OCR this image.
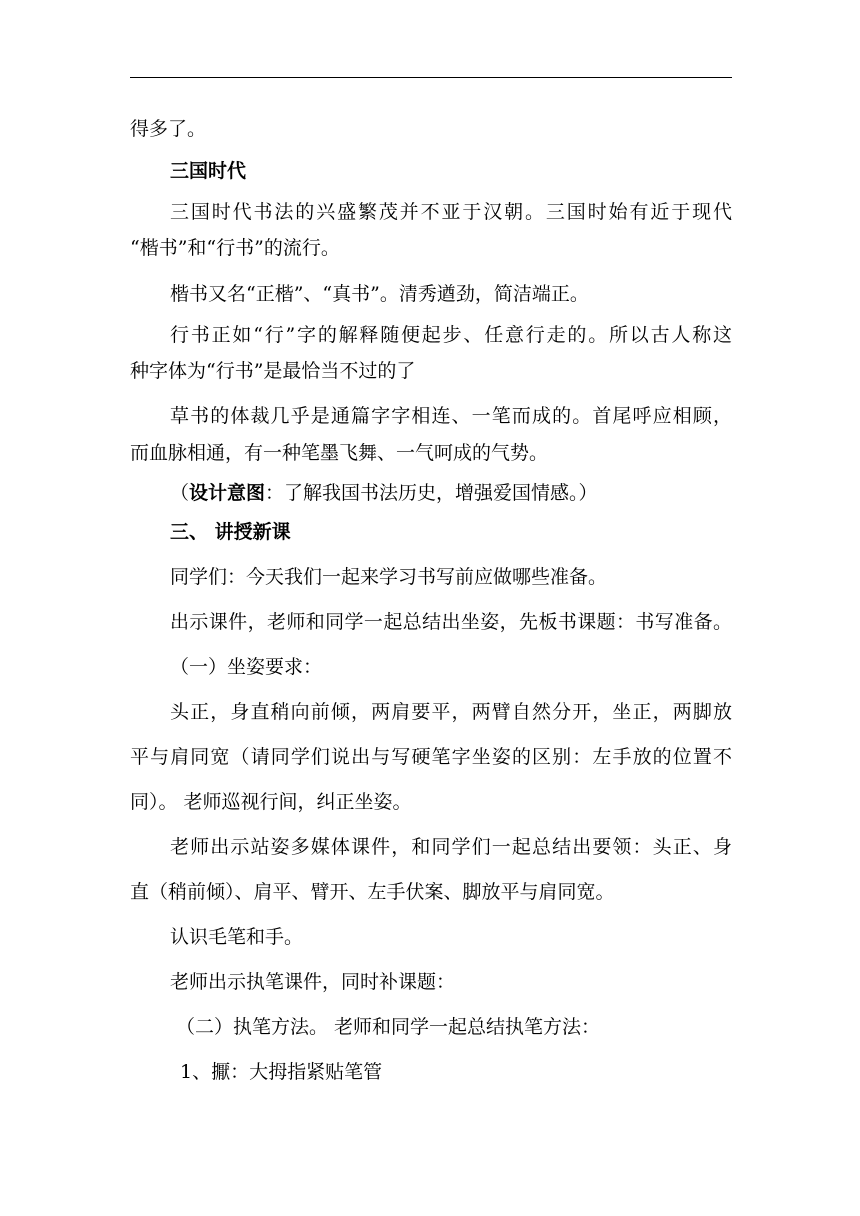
得多了。
三国时代
三国时代书法的兴盛繁茂并不亚于汉朝。三国时始有近于现代
“楷书”和“行书”的流行。
楷书又名“正楷”、“真书”。清秀遒劲，简洁端正。
行书正如“行”字的解释随便起步、任意行走的。所以古人称这
种字体为“行书”是最恰当不过的了
草书的体裁几乎是通篇字字相连、一笔而成的。首尾呼应相顾，
而血脉相通，有一种笔墨飞舞、一气呵成的气势。
（设计意图：了解我国书法历史，增强爱国情感。）
三、 讲授新课
同学们：今天我们一起来学习书写前应做哪些准备。
出示课件，老师和同学一起总结出坐姿，先板书课题：书写准备。
（一）坐姿要求：
头正，身直稍向前倾，两肩要平，两臂自然分开，坐正，两脚放
平与肩同宽（请同学们说出与写硬笔字坐姿的区别：左手放的位置不
同）。 老师巡视行间，纠正坐姿。
老师出示站姿多媒体课件，和同学们一起总结出要领：头正、身
直（稍前倾）、肩平、臂开、左手伏案、脚放平与肩同宽。
认识毛笔和手。
老师出示执笔课件，同时补课题：
（二）执笔方法。 老师和同学一起总结执笔方法：
1、擫：大拇指紧贴笔管
